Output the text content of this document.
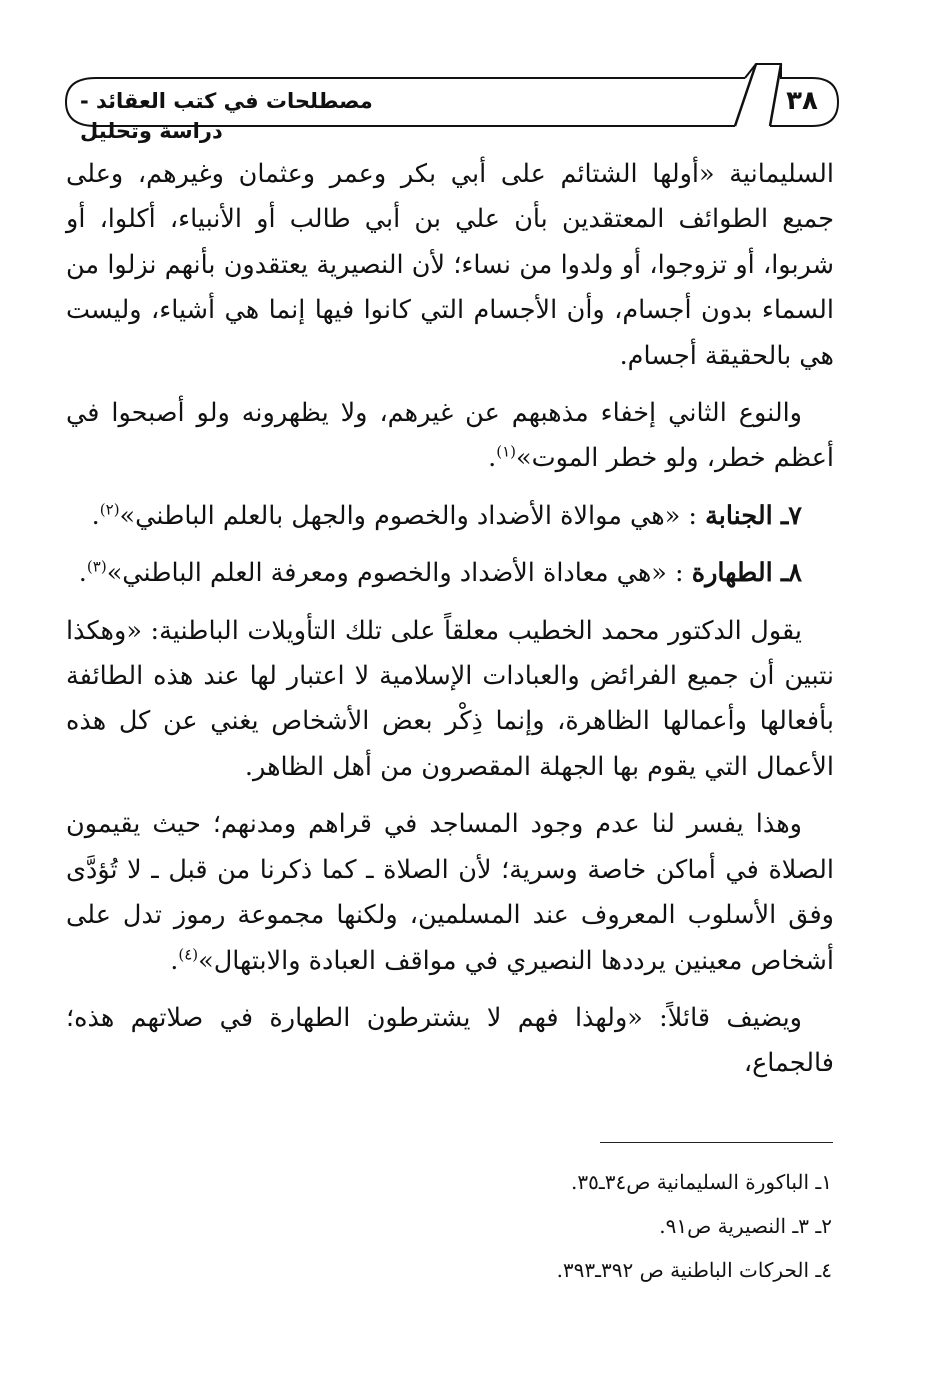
مصطلحات في كتب العقائد - دراسة وتحليل
٣٨

السليمانية «أولها الشتائم على أبي بكر وعمر وعثمان وغيرهم، وعلى جميع الطوائف المعتقدين بأن علي بن أبي طالب أو الأنبياء، أكلوا، أو شربوا، أو تزوجوا، أو ولدوا من نساء؛ لأن النصيرية يعتقدون بأنهم نزلوا من السماء بدون أجسام، وأن الأجسام التي كانوا فيها إنما هي أشياء، وليست هي بالحقيقة أجسام.

والنوع الثاني إخفاء مذهبهم عن غيرهم، ولا يظهرونه ولو أصبحوا في أعظم خطر، ولو خطر الموت»$^{(١)}$.

٧ـ الجنابة : «هي موالاة الأضداد والخصوم والجهل بالعلم الباطني»$^{(٢)}$.

٨ـ الطهارة : «هي معاداة الأضداد والخصوم ومعرفة العلم الباطني»$^{(٣)}$.

يقول الدكتور محمد الخطيب معلقاً على تلك التأويلات الباطنية: «وهكذا نتبين أن جميع الفرائض والعبادات الإسلامية لا اعتبار لها عند هذه الطائفة بأفعالها وأعمالها الظاهرة، وإنما ذِكْر بعض الأشخاص يغني عن كل هذه الأعمال التي يقوم بها الجهلة المقصرون من أهل الظاهر.

وهذا يفسر لنا عدم وجود المساجد في قراهم ومدنهم؛ حيث يقيمون الصلاة في أماكن خاصة وسرية؛ لأن الصلاة ـ كما ذكرنا من قبل ـ لا تُؤدَّى وفق الأسلوب المعروف عند المسلمين، ولكنها مجموعة رموز تدل على أشخاص معينين يرددها النصيري في مواقف العبادة والابتهال»$^{(٤)}$.

ويضيف قائلاً: «ولهذا فهم لا يشترطون الطهارة في صلاتهم هذه؛ فالجماع،

١ـ الباكورة السليمانية ص٣٤ـ٣٥.

٢ـ ٣ـ النصيرية ص٩١.

٤ـ الحركات الباطنية ص ٣٩٢ـ٣٩٣.
